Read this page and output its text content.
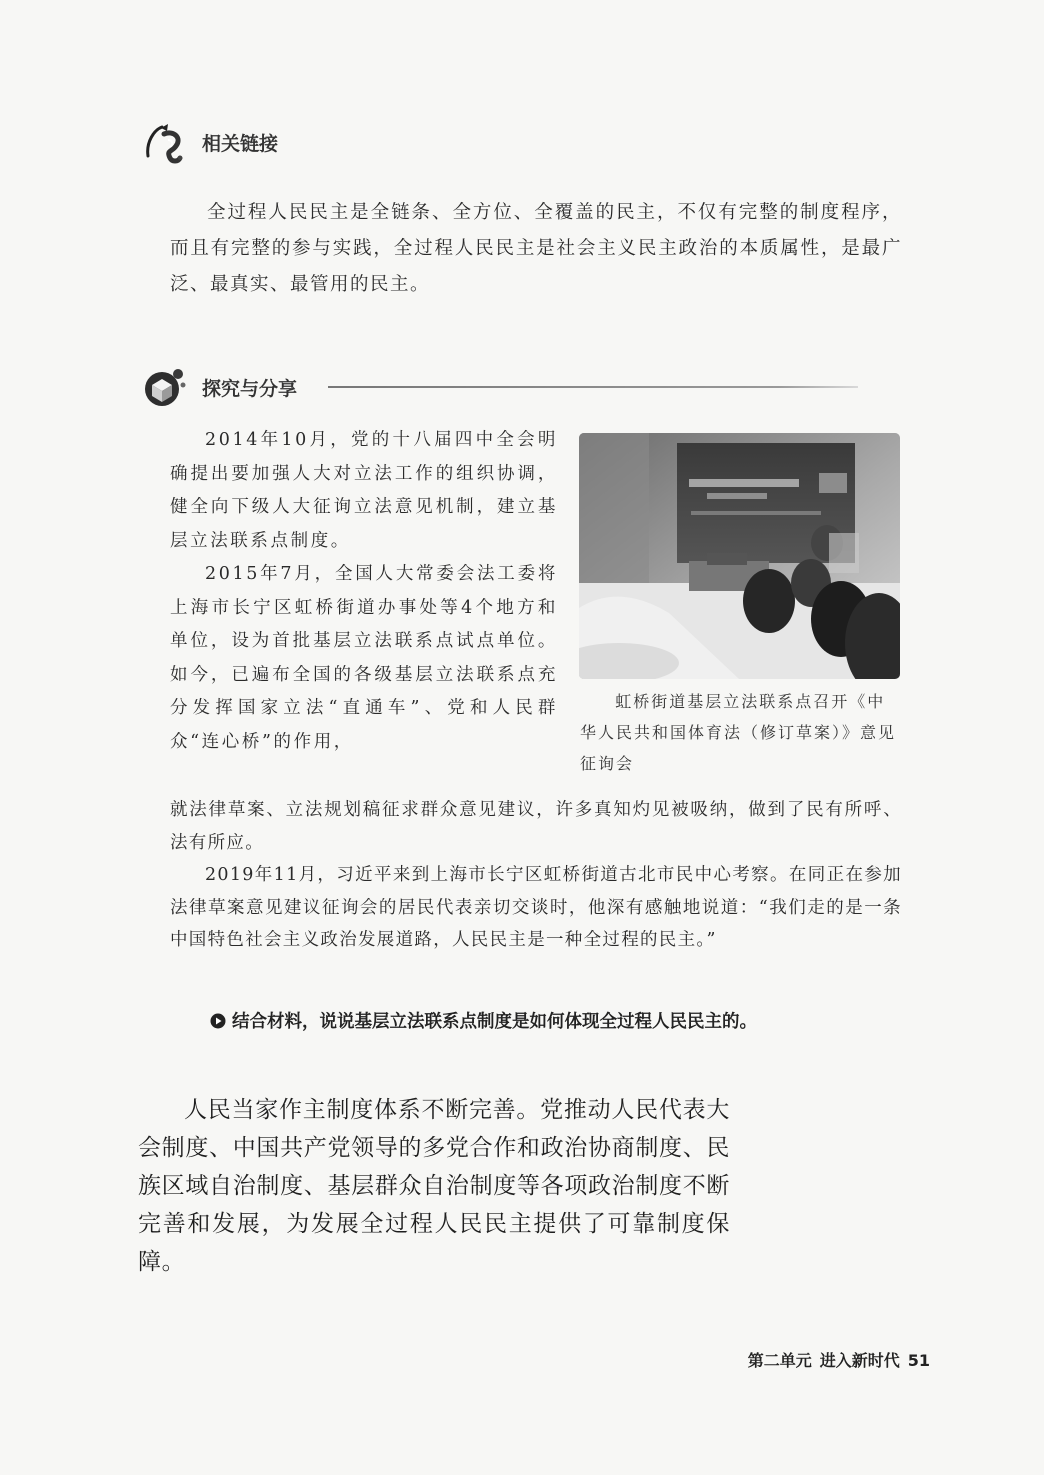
相关链接

全过程人民民主是全链条、全方位、全覆盖的民主，不仅有完整的制度程序，而且有完整的参与实践，全过程人民民主是社会主义民主政治的本质属性，是最广泛、最真实、最管用的民主。

探究与分享

2014年10月，党的十八届四中全会明确提出要加强人大对立法工作的组织协调，健全向下级人大征询立法意见机制，建立基层立法联系点制度。

2015年7月，全国人大常委会法工委将上海市长宁区虹桥街道办事处等4个地方和单位，设为首批基层立法联系点试点单位。如今，已遍布全国的各级基层立法联系点充分发挥国家立法“直通车”、党和人民群众“连心桥”的作用，

虹桥街道基层立法联系点召开《中华人民共和国体育法（修订草案）》意见征询会

就法律草案、立法规划稿征求群众意见建议，许多真知灼见被吸纳，做到了民有所呼、法有所应。

2019年11月，习近平来到上海市长宁区虹桥街道古北市民中心考察。在同正在参加法律草案意见建议征询会的居民代表亲切交谈时，他深有感触地说道：“我们走的是一条中国特色社会主义政治发展道路，人民民主是一种全过程的民主。”

结合材料，说说基层立法联系点制度是如何体现全过程人民民主的。

人民当家作主制度体系不断完善。党推动人民代表大会制度、中国共产党领导的多党合作和政治协商制度、民族区域自治制度、基层群众自治制度等各项政治制度不断完善和发展，为发展全过程人民民主提供了可靠制度保障。

第二单元 进入新时代 51
